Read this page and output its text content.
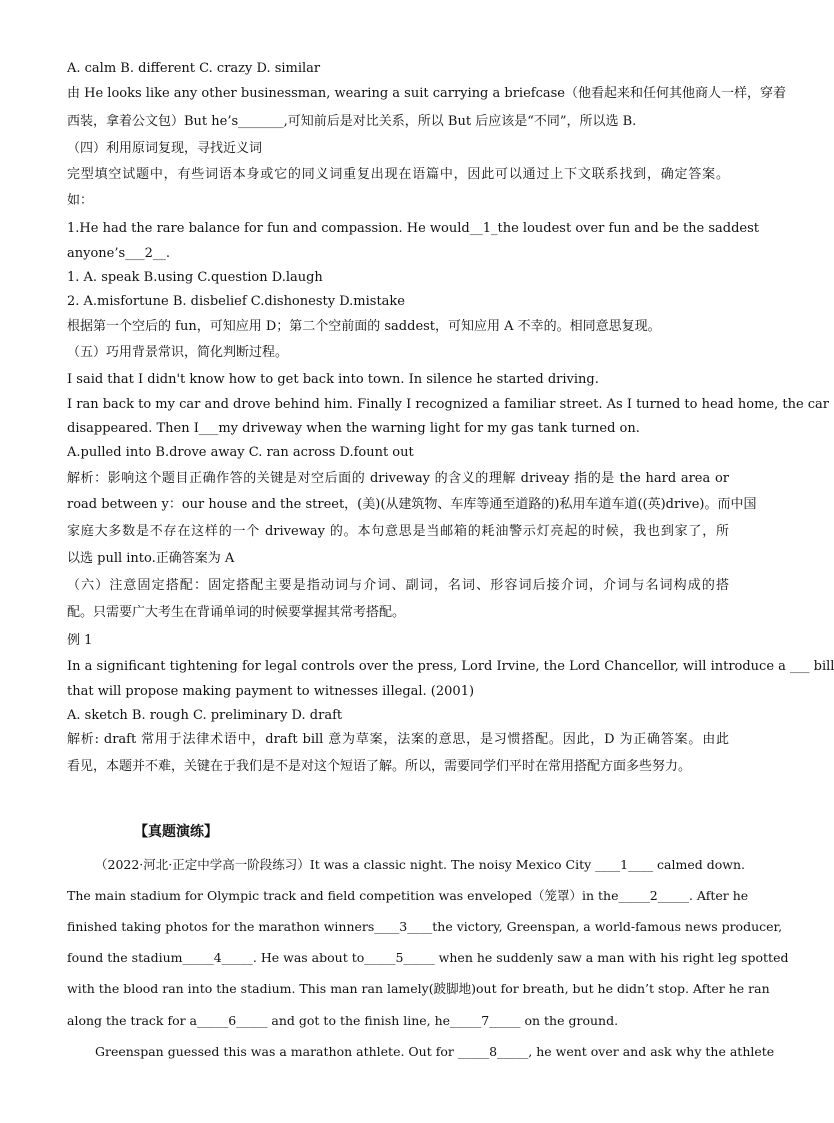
A. calm B. different C. crazy D. similar
由 He looks like any other businessman, wearing a suit carrying a briefcase（他看起来和任何其他商人一样，穿着
西装，拿着公文包）But he’s_______,可知前后是对比关系，所以 But 后应该是“不同”，所以选 B.
（四）利用原词复现，寻找近义词
完型填空试题中，有些词语本身或它的同义词重复出现在语篇中，因此可以通过上下文联系找到，确定答案。
如：
1.He had the rare balance for fun and compassion. He would__1_the loudest over fun and be the saddest
anyone’s___2__.
1. A. speak B.using C.question D.laugh
2. A.misfortune B. disbelief C.dishonesty D.mistake
根据第一个空后的 fun，可知应用 D；第二个空前面的 saddest，可知应用 A 不幸的。相同意思复现。
（五）巧用背景常识，简化判断过程。
I said that I didn't know how to get back into town. In silence he started driving.
I ran back to my car and drove behind him. Finally I recognized a familiar street. As I turned to head home, the car
disappeared. Then I___my driveway when the warning light for my gas tank turned on.
A.pulled into B.drove away C. ran across D.fount out
解析：影响这个题目正确作答的关键是对空后面的 driveway 的含义的理解 driveay 指的是 the hard area or
road between y：our house and the street，(美)(从建筑物、车库等通至道路的)私用车道车道((英)drive)。而中国
家庭大多数是不存在这样的一个 driveway 的。本句意思是当邮箱的耗油警示灯亮起的时候，我也到家了，所
以选 pull into.正确答案为 A
（六）注意固定搭配：固定搭配主要是指动词与介词、副词，名词、形容词后接介词，介词与名词构成的搭
配。只需要广大考生在背诵单词的时候要掌握其常考搭配。
例 1
In a significant tightening for legal controls over the press, Lord Irvine, the Lord Chancellor, will introduce a ___ bill
that will propose making payment to witnesses illegal. (2001)
A. sketch B. rough C. preliminary D. draft
解析: draft 常用于法律术语中，draft bill 意为草案，法案的意思，是习惯搭配。因此，D 为正确答案。由此
看见，本题并不难，关键在于我们是不是对这个短语了解。所以，需要同学们平时在常用搭配方面多些努力。
【真题演练】
（2022·河北·正定中学高一阶段练习）It was a classic night. The noisy Mexico City ____1____ calmed down.
The main stadium for Olympic track and field competition was enveloped（笼罩）in the_____2_____. After he
finished taking photos for the marathon winners____3____the victory, Greenspan, a world-famous news producer,
found the stadium_____4_____. He was about to_____5_____ when he suddenly saw a man with his right leg spotted
with the blood ran into the stadium. This man ran lamely(跛脚地)out for breath, but he didn’t stop. After he ran
along the track for a_____6_____ and got to the finish line, he_____7_____ on the ground.
Greenspan guessed this was a marathon athlete. Out for _____8_____, he went over and ask why the athlete
